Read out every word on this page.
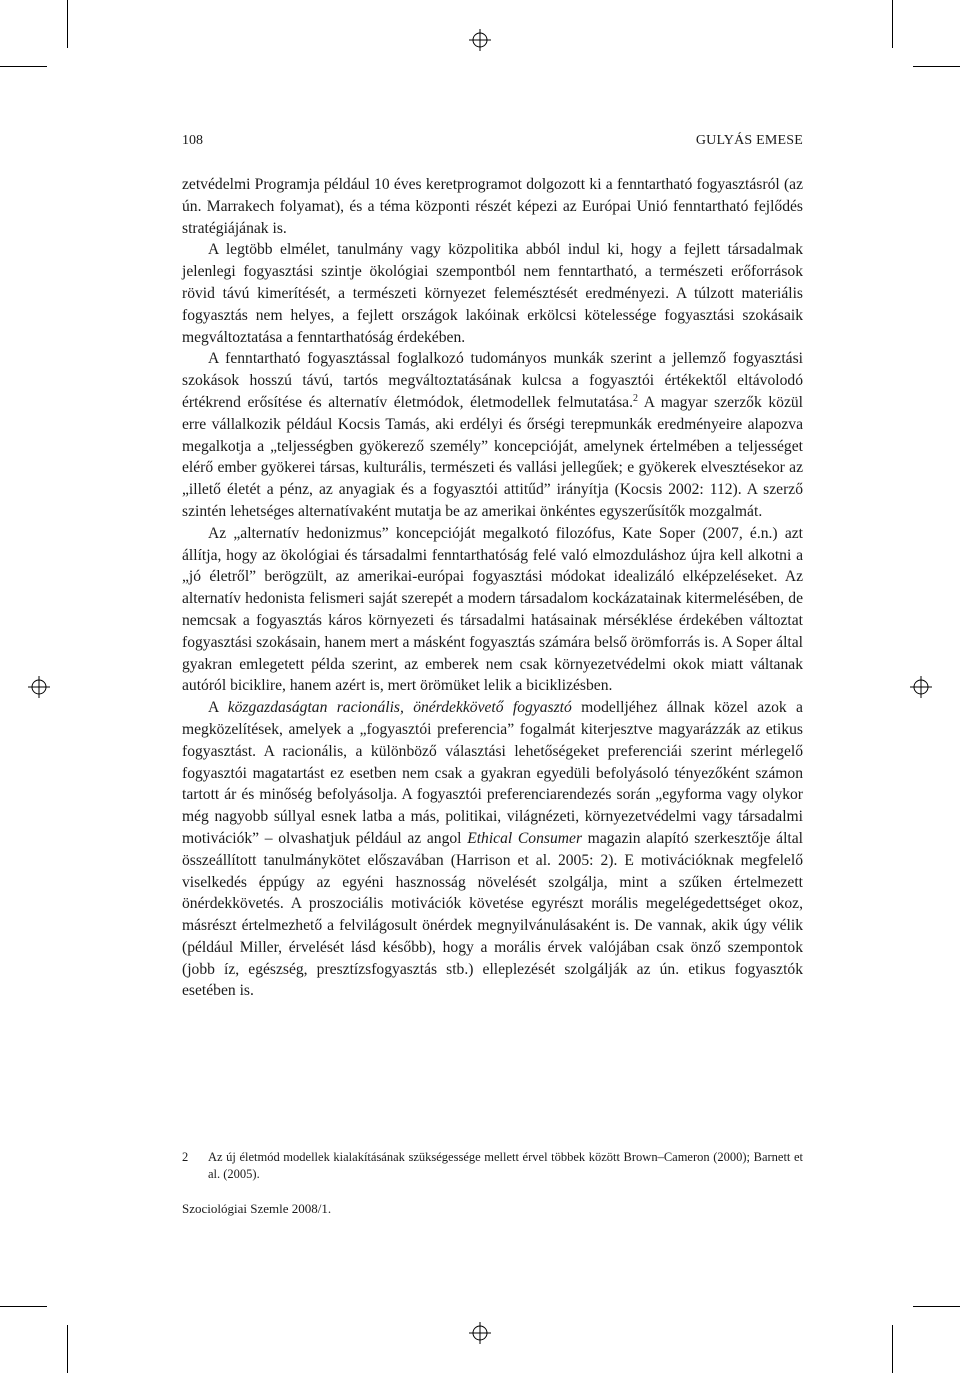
108	GULYÁS EMESE

zetvédelmi Programja például 10 éves keretprogramot dolgozott ki a fenntartható fogyasztásról (az ún. Marrakech folyamat), és a téma központi részét képezi az Európai Unió fenntartható fejlődés stratégiájának is.

A legtöbb elmélet, tanulmány vagy közpolitika abból indul ki, hogy a fejlett társadalmak jelenlegi fogyasztási szintje ökológiai szempontból nem fenntartható, a természeti erőforrások rövid távú kimerítését, a természeti környezet felemésztését eredményezi. A túlzott materiális fogyasztás nem helyes, a fejlett országok lakóinak erkölcsi kötelessége fogyasztási szokásaik megváltoztatása a fenntarthatóság érdekében.

A fenntartható fogyasztással foglalkozó tudományos munkák szerint a jellemző fogyasztási szokások hosszú távú, tartós megváltoztatásának kulcsa a fogyasztói értékektől eltávolodó értékrend erősítése és alternatív életmódok, életmodellek felmutatása.$^2$ A magyar szerzők közül erre vállalkozik például Kocsis Tamás, aki erdélyi és őrségi terepmunkák eredményeire alapozva megalkotja a „teljességben gyökerező személy” koncepcióját, amelynek értelmében a teljességet elérő ember gyökerei társas, kulturális, természeti és vallási jellegűek; e gyökerek elvesztésekor az „illető életét a pénz, az anyagiak és a fogyasztói attitűd” irányítja (Kocsis 2002: 112). A szerző szintén lehetséges alternatívaként mutatja be az amerikai önkéntes egyszerűsítők mozgalmát.

Az „alternatív hedonizmus” koncepcióját megalkotó filozófus, Kate Soper (2007, é.n.) azt állítja, hogy az ökológiai és társadalmi fenntarthatóság felé való elmozduláshoz újra kell alkotni a „jó életről” berögzült, az amerikai-európai fogyasztási módokat idealizáló elképzeléseket. Az alternatív hedonista felismeri saját szerepét a modern társadalom kockázatainak kitermelésében, de nemcsak a fogyasztás káros környezeti és társadalmi hatásainak mérséklése érdekében változtat fogyasztási szokásain, hanem mert a másként fogyasztás számára belső örömforrás is. A Soper által gyakran emlegetett példa szerint, az emberek nem csak környezetvédelmi okok miatt váltanak autóról biciklire, hanem azért is, mert örömüket lelik a biciklizésben.

A közgazdaságtan racionális, önérdekkövető fogyasztó modelljéhez állnak közel azok a megközelítések, amelyek a „fogyasztói preferencia” fogalmát kiterjesztve magyarázzák az etikus fogyasztást. A racionális, a különböző választási lehetőségeket preferenciái szerint mérlegelő fogyasztói magatartást ez esetben nem csak a gyakran egyedüli befolyásoló tényezőként számon tartott ár és minőség befolyásolja. A fogyasztói preferenciarendezés során „egyforma vagy olykor még nagyobb súllyal esnek latba a más, politikai, világnézeti, környezetvédelmi vagy társadalmi motivációk” – olvashatjuk például az angol Ethical Consumer magazin alapító szerkesztője által összeállított tanulmánykötet előszavában (Harrison et al. 2005: 2). E motivációknak megfelelő viselkedés éppúgy az egyéni hasznosság növelését szolgálja, mint a szűken értelmezett önérdekkövetés. A proszociális motivációk követése egyrészt morális megelégedettséget okoz, másrészt értelmezhető a felvilágosult önérdek megnyilvánulásaként is. De vannak, akik úgy vélik (például Miller, érvelését lásd később), hogy a morális érvek valójában csak önző szempontok (jobb íz, egészség, presztízsfogyasztás stb.) elleplezését szolgálják az ún. etikus fogyasztók esetében is.

2 Az új életmód modellek kialakításának szükségessége mellett érvel többek között Brown–Cameron (2000); Barnett et al. (2005).
Szociológiai Szemle 2008/1.
